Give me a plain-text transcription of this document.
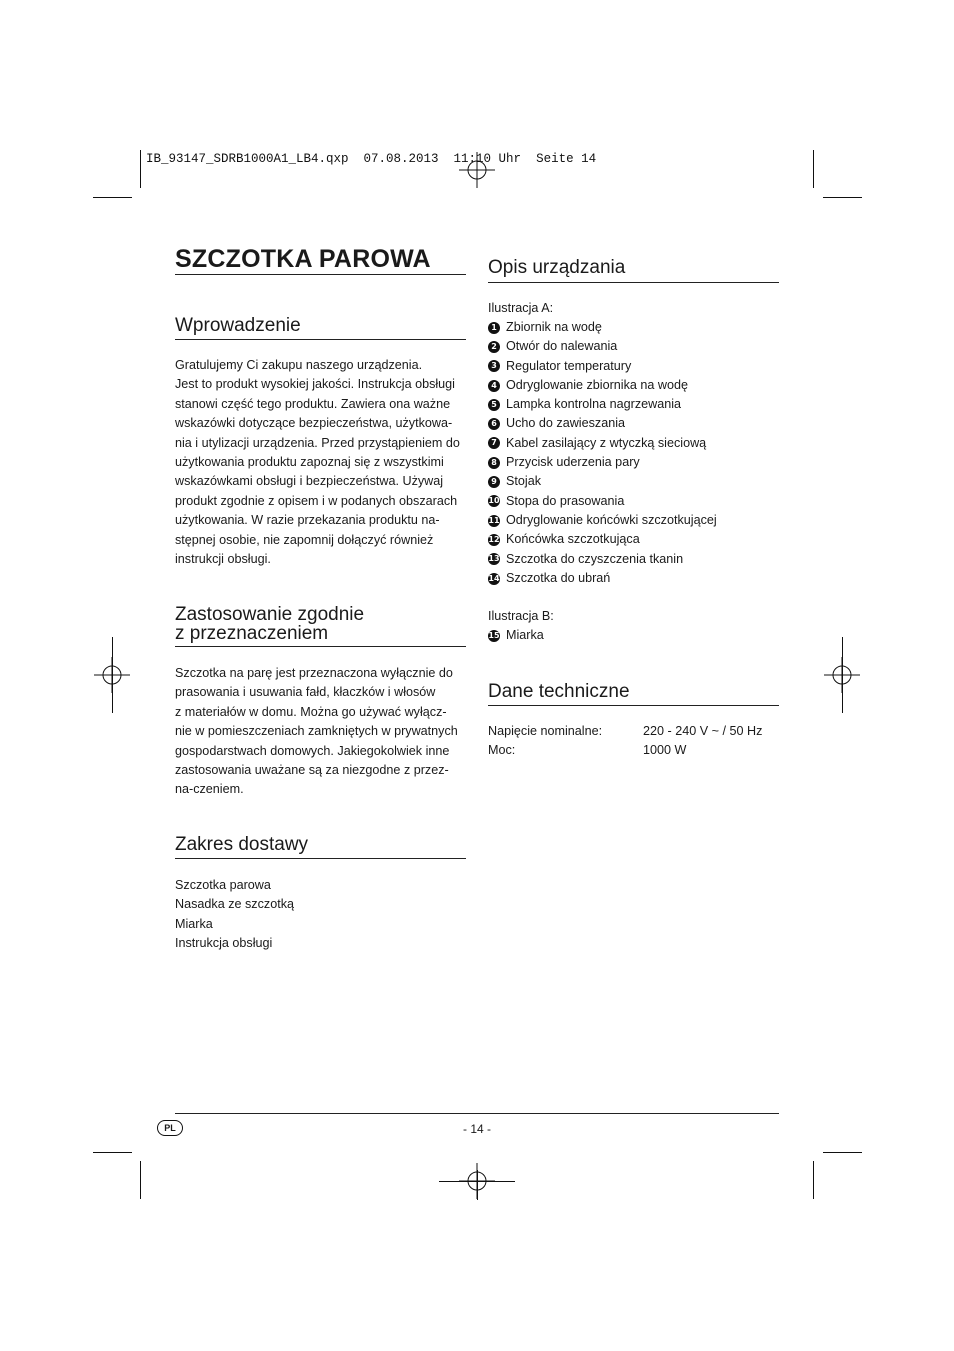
IB_93147_SDRB1000A1_LB4.qxp  07.08.2013  11:10 Uhr  Seite 14
SZCZOTKA PAROWA
Wprowadzenie
Gratulujemy Ci zakupu naszego urządzenia.
Jest to produkt wysokiej jakości. Instrukcja obsługi
stanowi część tego produktu. Zawiera ona ważne
wskazówki dotyczące bezpieczeństwa, użytkowa-
nia i utylizacji urządzenia. Przed przystąpieniem do
użytkowania produktu zapoznaj się z wszystkimi
wskazówkami obsługi i bezpieczeństwa. Używaj
produkt zgodnie z opisem i w podanych obszarach
użytkowania. W razie przekazania produktu na-
stępnej osobie, nie zapomnij dołączyć również
instrukcji obsługi.
Zastosowanie zgodnie
z przeznaczeniem
Szczotka na parę jest przeznaczona wyłącznie do
prasowania i usuwania fałd, kłaczków i włosów
z materiałów w domu. Można go używać wyłącz-
nie w pomieszczeniach zamkniętych w prywatnych
gospodarstwach domowych. Jakiegokolwiek inne
zastosowania uważane są za niezgodne z przez-
na-czeniem.
Zakres dostawy
Szczotka parowa
Nasadka ze szczotką
Miarka
Instrukcja obsługi
Opis urządzania
Ilustracja A:
1 Zbiornik na wodę
2 Otwór do nalewania
3 Regulator temperatury
4 Odryglowanie zbiornika na wodę
5 Lampka kontrolna nagrzewania
6 Ucho do zawieszania
7 Kabel zasilający z wtyczką sieciową
8 Przycisk uderzenia pary
9 Stojak
10 Stopa do prasowania
11 Odryglowanie końcówki szczotkującej
12 Końcówka szczotkująca
13 Szczotka do czyszczenia tkanin
14 Szczotka do ubrań
Ilustracja B:
15 Miarka
Dane techniczne
Napięcie nominalne:	220 - 240 V ~ / 50 Hz
Moc:	1000 W
PL	- 14 -
